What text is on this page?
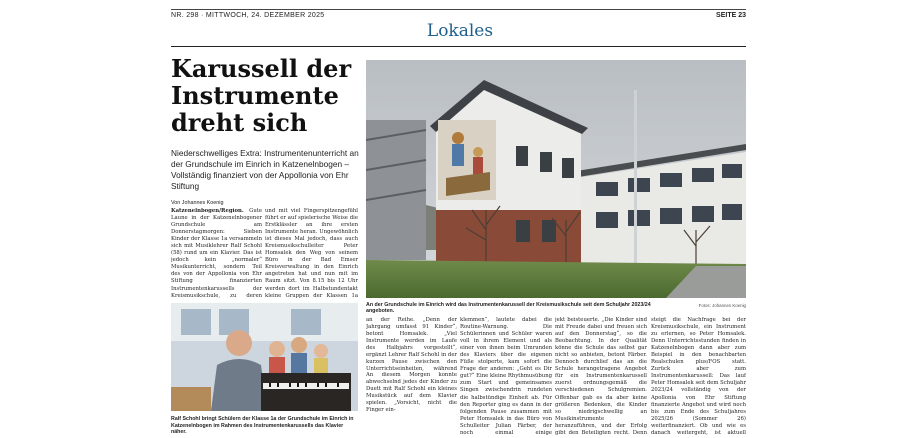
NR. 298 · MITTWOCH, 24. DEZEMBER 2025	SEITE 23
Lokales
Karussell der
Instrumente
dreht sich
Niederschwelliges Extra: Instrumentenunterricht an der Grundschule im Einrich in Katzenelnbogen – Vollständig finanziert von der Appollonia von Ehr Stiftung
Von Johannes Koenig

Katzenelnbogen/Region. Gute Laune in der Katzenelnbogener Grundschule am Donnerstagmorgen: Sieben Kinder der Klasse 1a versammeln sich mit Musiklehrer Ralf Schohl (58) rund um ein Klavier. Das ist jedoch kein „normaler“ Musikunterricht, sondern Teil des von der Appollonia von Ehr Stiftung finanzierten Instrumentenkarussells der Kreismusikschule, zu deren

und mit viel Fingerspitzengefühl führt er auf spielerische Weise die Erstklässler an ihre ersten Instrumente heran. Ungewöhnlich ist dieses Mal jedoch, dass auch Kreismusikschulleiter Peter Homsalek den Weg von seinem Büro in der Bad Emser Kreisverwaltung in den Einrich angetreten hat und nun mit im Raum sitzt. Von 8.15 bis 12 Uhr werden dort im Halbstundentakt kleine Gruppen der Klassen 1a

An der Grundschule im Einrich wird das Instrumentenkarussell der Kreismusikschule seit dem Schuljahr 2023/24 angeboten.
Fotos: Johannes Koenig
Ralf Schohl bringt Schülern der Klasse 1a der Grundschule im Einrich in Katzenelnbogen im Rahmen des Instrumentenkarussells das Klavier näher.

an der Reihe. „Denn der Jahrgang umfasst 91 Kinder“, betont Homsalek. „Viel Instrumente werden im Laufe des Halbjahrs vorgestellt“, ergänzt Lehrer Ralf Schohl in der kurzen Pause zwischen den Unterrichtseinheiten, während

An diesem Morgen konnte abwechselnd jedes der Kinder zu Duett mit Ralf Schohl ein kleines Musikstück auf dem Klavier spielen. „Vorsicht, nicht die Finger ein-

klemmen“, lautete dabei die Routine-Warnung. Die Schülerinnen und Schüler waren voll in ihrem Element und als einer von ihnen beim Umrunden des Klaviers über die eigenen Füße stolperte, kam sofort die Frage der anderen: „Geht es Dir gut?“ Eine kleine Rhythmusübung zum Start und gemeinsames Singen zwischendrin rundeten die halbstündige Einheit ab. Für den Reporter ging es dann in der folgenden Pause zusammen mit Peter Homsalek in das Büro von Schulleiter Julian Färber, der noch einmal einige

jekt beisteuerte. „Die Kinder sind mit Freude dabei und freuen sich auf den Donnerstag“, so die Beobachtung. In der Qualität könne die Schule das selbst gar nicht so anbieten, betont Färber. Dennoch durchlief das an die Schule herangetragene Angebot für ein Instrumentenkarussell zuerst ordnungsgemäß die verschiedenen Schulgremien. Offenbar gab es da aber keine größeren Bedenken, die Kinder so niedrigschwellig an Musikinstrumente heranzuführen, und der Erfolg gibt den Beteiligten recht. Denn

steigt die Nachfrage bei der Kreismusikschule, ein Instrument zu erlernen, so Peter Homsalek. Denn Unterrichtsstunden finden in Katzenelnbogen dann aber zum Beispiel in den benachbarten Realschulen plus/FOS statt. Zurück aber zum Instrumentenkarussell: Das lauf Peter Homsalek seit dem Schuljahr 2023/24 vollständig von der Apollonia von Ehr Stiftung finanzierte Angebot und wird noch bis zum Ende des Schuljahres 2025/26 (Sommer 26) weiterfinanziert. Ob und wie es danach weitergeht, ist aktuell
